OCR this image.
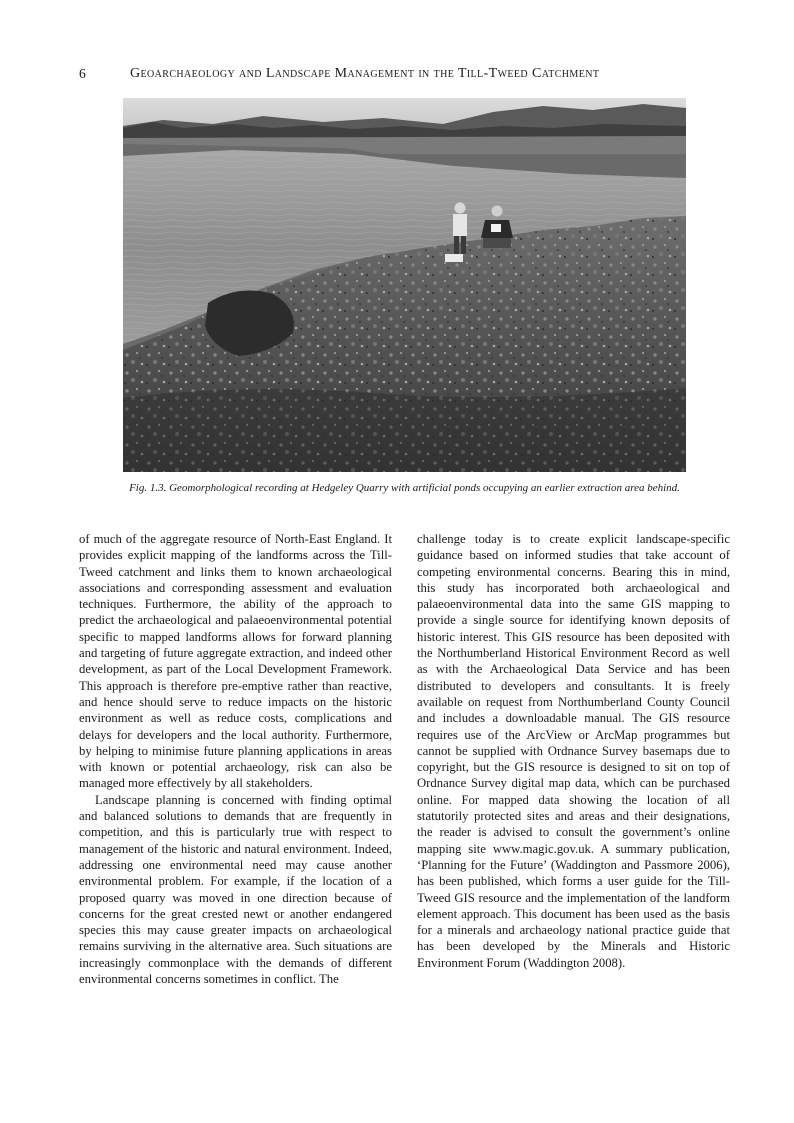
6	Geoarchaeology and Landscape Management in the Till-Tweed Catchment
Fig. 1.3. Geomorphological recording at Hedgeley Quarry with artificial ponds occupying an earlier extraction area behind.

of much of the aggregate resource of North-East England. It provides explicit mapping of the landforms across the Till-Tweed catchment and links them to known archaeological associations and corresponding assessment and evaluation techniques. Furthermore, the ability of the approach to predict the archaeological and palaeoenvironmental potential specific to mapped landforms allows for forward planning and targeting of future aggregate extraction, and indeed other development, as part of the Local Development Framework. This approach is therefore pre-emptive rather than reactive, and hence should serve to reduce impacts on the historic environment as well as reduce costs, complications and delays for developers and the local authority. Furthermore, by helping to minimise future planning applications in areas with known or potential archaeology, risk can also be managed more effectively by all stakeholders.

Landscape planning is concerned with finding optimal and balanced solutions to demands that are frequently in competition, and this is particularly true with respect to management of the historic and natural environment. Indeed, addressing one environmental need may cause another environmental problem. For example, if the location of a proposed quarry was moved in one direction because of concerns for the great crested newt or another endangered species this may cause greater impacts on archaeological remains surviving in the alternative area. Such situations are increasingly commonplace with the demands of different environmental concerns sometimes in conflict. The

challenge today is to create explicit landscape-specific guidance based on informed studies that take account of competing environmental concerns. Bearing this in mind, this study has incorporated both archaeological and palaeoenvironmental data into the same GIS mapping to provide a single source for identifying known deposits of historic interest. This GIS resource has been deposited with the Northumberland Historical Environment Record as well as with the Archaeological Data Service and has been distributed to developers and consultants. It is freely available on request from Northumberland County Council and includes a downloadable manual. The GIS resource requires use of the ArcView or ArcMap programmes but cannot be supplied with Ordnance Survey basemaps due to copyright, but the GIS resource is designed to sit on top of Ordnance Survey digital map data, which can be purchased online. For mapped data showing the location of all statutorily protected sites and areas and their designations, the reader is advised to consult the government’s online mapping site www.magic.gov.uk. A summary publication, ‘Planning for the Future’ (Waddington and Passmore 2006), has been published, which forms a user guide for the Till-Tweed GIS resource and the implementation of the landform element approach. This document has been used as the basis for a minerals and archaeology national practice guide that has been developed by the Minerals and Historic Environment Forum (Waddington 2008).
